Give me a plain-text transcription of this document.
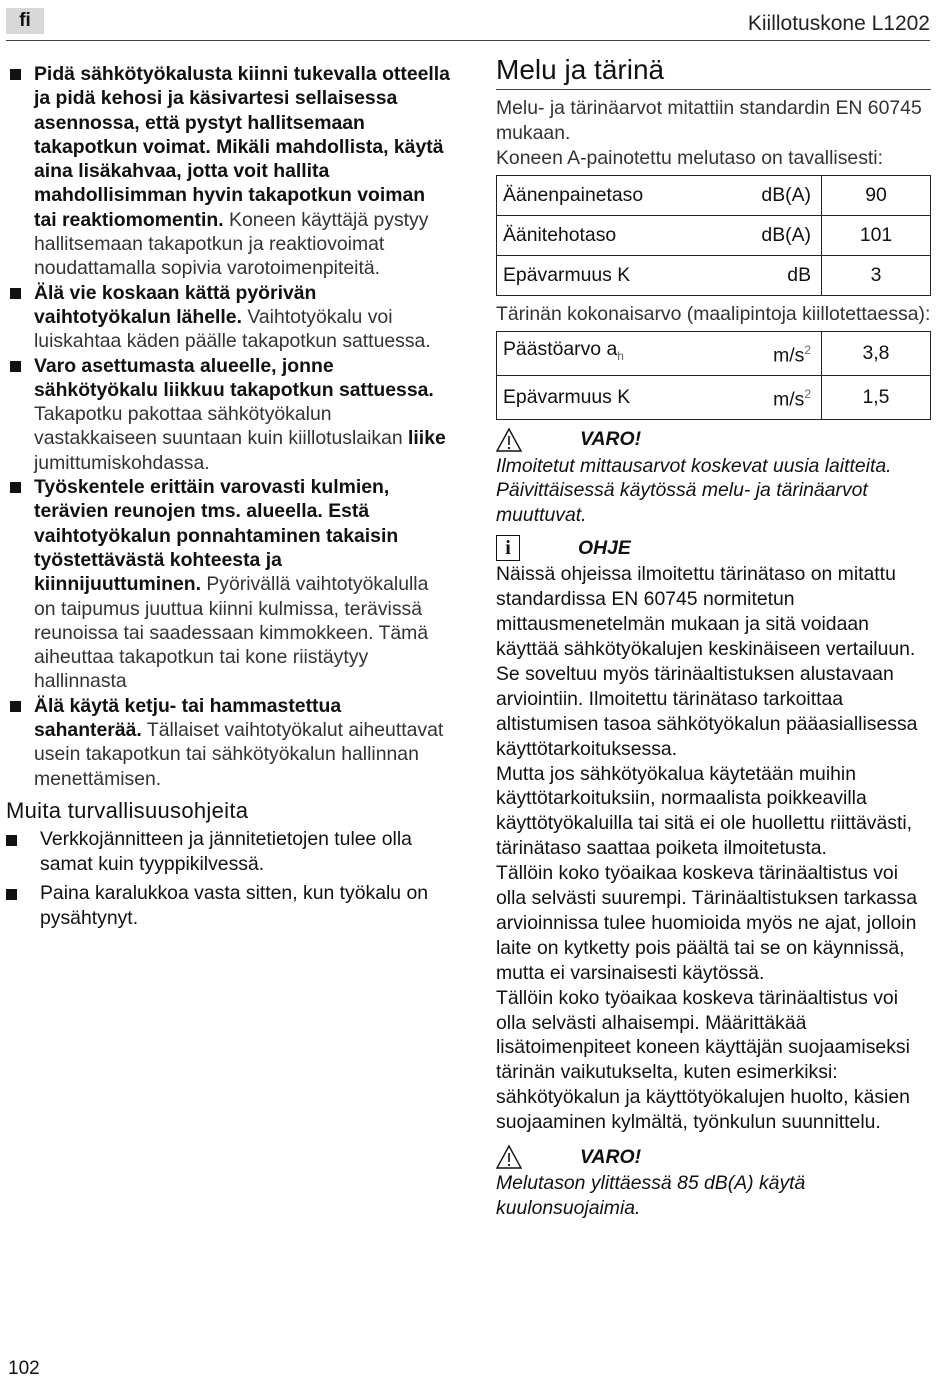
fi	Kiillotuskone L1202
Pidä sähkötyökalusta kiinni tukevalla otteella ja pidä kehosi ja käsivartesi sellaisessa asennossa, että pystyt hallitsemaan takapotkun voimat. Mikäli mahdollista, käytä aina lisäkahvaa, jotta voit hallita mahdollisimman hyvin takapotkun voiman tai reaktiomomentin. Koneen käyttäjä pystyy hallitsemaan takapotkun ja reaktiovoimat noudattamalla sopivia varotoimenpiteitä.
Älä vie koskaan kättä pyörivän vaihtotyökalun lähelle. Vaihtotyökalu voi luiskahtaa käden päälle takapotkun sattuessa.
Varo asettumasta alueelle, jonne sähkötyökalu liikkuu takapotkun sattuessa. Takapotku pakottaa sähkötyökalun vastakkaiseen suuntaan kuin kiillotuslaikan liike jumittumiskohdassa.
Työskentele erittäin varovasti kulmien, terävien reunojen tms. alueella. Estä vaihtotyökalun ponnahtaminen takaisin työstettävästä kohteesta ja kiinnijuuttuminen. Pyörivällä vaihtotyökalulla on taipumus juuttua kiinni kulmissa, terävissä reunoissa tai saadessaan kimmokkeen. Tämä aiheuttaa takapotkun tai kone riistäytyy hallinnasta
Älä käytä ketju- tai hammastettua sahanterää. Tällaiset vaihtotyökalut aiheuttavat usein takapotkun tai sähkötyökalun hallinnan menettämisen.
Muita turvallisuusohjeita
Verkkojännitteen ja jännitetietojen tulee olla samat kuin tyyppikilvessä.
Paina karalukkoa vasta sitten, kun työkalu on pysähtynyt.
Melu ja tärinä

Melu- ja tärinäarvot mitattiin standardin EN 60745 mukaan.

Koneen A-painotettu melutaso on tavallisesti:

Äänenpainetaso	dB(A)	90
Äänitehotaso	dB(A)	101
Epävarmuus K	dB	3

Tärinän kokonaisarvo (maalipintoja kiillotettaessa):

Päästöarvo $a_h$	$m/s^2$	3,8
Epävarmuus K	$m/s^2$	1,5
VARO!

Ilmoitetut mittausarvot koskevat uusia laitteita. Päivittäisessä käytössä melu- ja tärinäarvot muuttuvat.

i	OHJE

Näissä ohjeissa ilmoitettu tärinätaso on mitattu standardissa EN 60745 normitetun mittausmenetelmän mukaan ja sitä voidaan käyttää sähkötyökalujen keskinäiseen vertailuun. Se soveltuu myös tärinäaltistuksen alustavaan arviointiin. Ilmoitettu tärinätaso tarkoittaa altistumisen tasoa sähkötyökalun pääasiallisessa käyttötarkoituksessa.

Mutta jos sähkötyökalua käytetään muihin käyttötarkoituksiin, normaalista poikkeavilla käyttötyökaluilla tai sitä ei ole huollettu riittävästi, tärinätaso saattaa poiketa ilmoitetusta.

Tällöin koko työaikaa koskeva tärinäaltistus voi olla selvästi suurempi. Tärinäaltistuksen tarkassa arvioinnissa tulee huomioida myös ne ajat, jolloin laite on kytketty pois päältä tai se on käynnissä, mutta ei varsinaisesti käytössä.

Tällöin koko työaikaa koskeva tärinäaltistus voi olla selvästi alhaisempi. Määrittäkää lisätoimenpiteet koneen käyttäjän suojaamiseksi tärinän vaikutukselta, kuten esimerkiksi: sähkötyökalun ja käyttötyökalujen huolto, käsien suojaaminen kylmältä, työnkulun suunnittelu.

VARO!

Melutason ylittäessä 85 dB(A) käytä kuulonsuojaimia.

102
